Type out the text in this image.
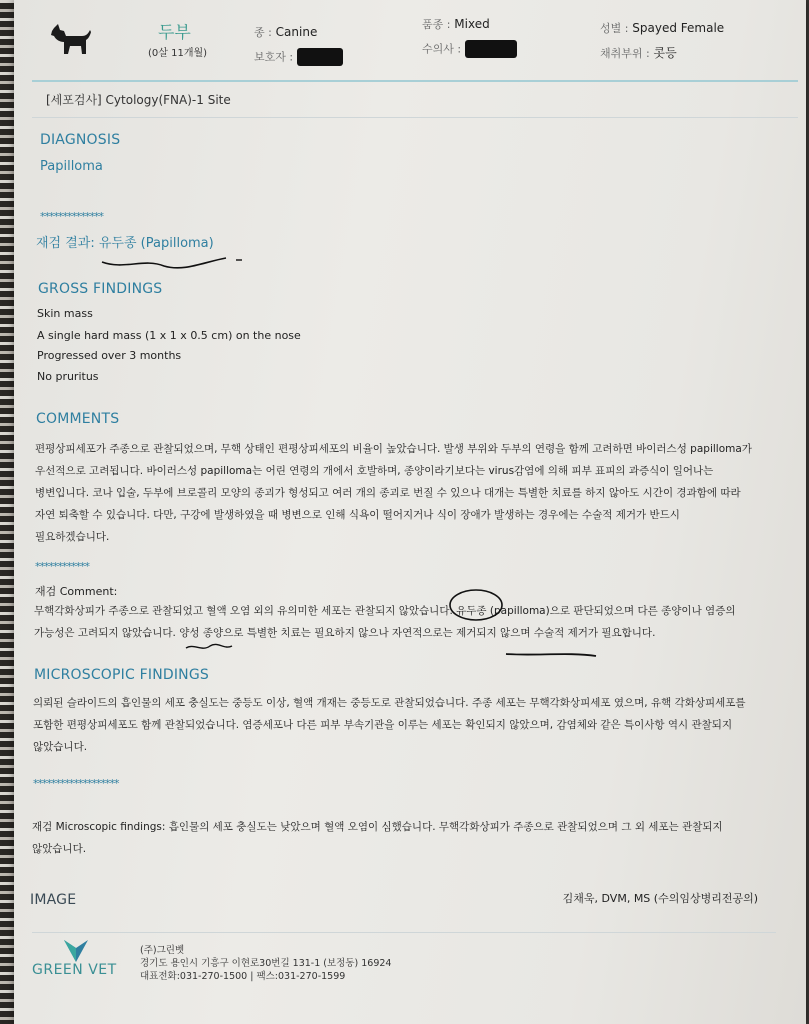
두부
(0살 11개월)
종 : Canine
보호자 :
품종 : Mixed
수의사 :
성별 : Spayed Female
채취부위 : 콧등
[세포검사] Cytology(FNA)-1 Site
DIAGNOSIS
Papilloma
**************
재검 결과: 유두종 (Papilloma)
GROSS FINDINGS
Skin mass
A single hard mass (1 x 1 x 0.5 cm) on the nose
Progressed over 3 months
No pruritus
COMMENTS
편평상피세포가 주종으로 관찰되었으며, 무핵 상태인 편평상피세포의 비율이 높았습니다. 발생 부위와 두부의 연령을 함께 고려하면 바이러스성 papilloma가
우선적으로 고려됩니다. 바이러스성 papilloma는 어린 연령의 개에서 호발하며, 종양이라기보다는 virus감염에 의해 피부 표피의 과증식이 일어나는
병변입니다. 코나 입술, 두부에 브로콜리 모양의 종괴가 형성되고 여러 개의 종괴로 번질 수 있으나 대개는 특별한 치료를 하지 않아도 시간이 경과함에 따라
자연 퇴축할 수 있습니다. 다만, 구강에 발생하였을 때 병변으로 인해 식욕이 떨어지거나 식이 장애가 발생하는 경우에는 수술적 제거가 반드시
필요하겠습니다.
************
재검 Comment:
무핵각화상피가 주종으로 관찰되었고 혈액 오염 외의 유의미한 세포는 관찰되지 않았습니다. 유두종 (papilloma)으로 판단되었으며 다른 종양이나 염증의
가능성은 고려되지 않았습니다. 양성 종양으로 특별한 치료는 필요하지 않으나 자연적으로는 제거되지 않으며 수술적 제거가 필요합니다.
MICROSCOPIC FINDINGS
의뢰된 슬라이드의 흡인물의 세포 충실도는 중등도 이상, 혈액 개재는 중등도로 관찰되었습니다. 주종 세포는 무핵각화상피세포 였으며, 유핵 각화상피세포를
포함한 편평상피세포도 함께 관찰되었습니다. 염증세포나 다른 피부 부속기관을 이루는 세포는 확인되지 않았으며, 감염체와 같은 특이사항 역시 관찰되지
않았습니다.
*******************
재검 Microscopic findings: 흡인물의 세포 충실도는 낮았으며 혈액 오염이 심했습니다. 무핵각화상피가 주종으로 관찰되었으며 그 외 세포는 관찰되지
않았습니다.
IMAGE	김채욱, DVM, MS (수의임상병리전공의)
GREEN VET
(주)그린벳
경기도 용인시 기흥구 이현로30번길 131-1 (보정동) 16924
대표전화:031-270-1500 | 팩스:031-270-1599
